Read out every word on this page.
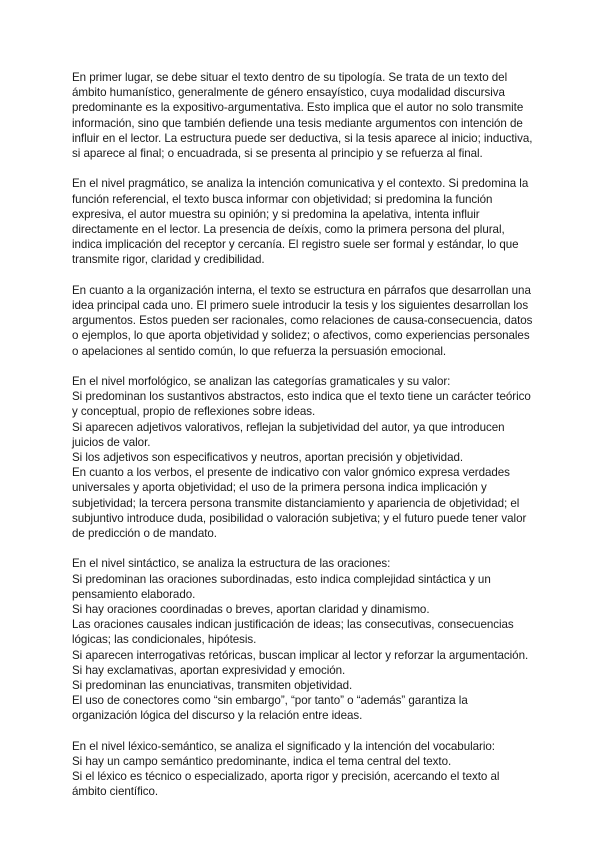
En primer lugar, se debe situar el texto dentro de su tipología. Se trata de un texto del ámbito humanístico, generalmente de género ensayístico, cuya modalidad discursiva predominante es la expositivo-argumentativa. Esto implica que el autor no solo transmite información, sino que también defiende una tesis mediante argumentos con intención de influir en el lector. La estructura puede ser deductiva, si la tesis aparece al inicio; inductiva, si aparece al final; o encuadrada, si se presenta al principio y se refuerza al final.
En el nivel pragmático, se analiza la intención comunicativa y el contexto. Si predomina la función referencial, el texto busca informar con objetividad; si predomina la función expresiva, el autor muestra su opinión; y si predomina la apelativa, intenta influir directamente en el lector. La presencia de deíxis, como la primera persona del plural, indica implicación del receptor y cercanía. El registro suele ser formal y estándar, lo que transmite rigor, claridad y credibilidad.
En cuanto a la organización interna, el texto se estructura en párrafos que desarrollan una idea principal cada uno. El primero suele introducir la tesis y los siguientes desarrollan los argumentos. Estos pueden ser racionales, como relaciones de causa-consecuencia, datos o ejemplos, lo que aporta objetividad y solidez; o afectivos, como experiencias personales o apelaciones al sentido común, lo que refuerza la persuasión emocional.
En el nivel morfológico, se analizan las categorías gramaticales y su valor:
Si predominan los sustantivos abstractos, esto indica que el texto tiene un carácter teórico y conceptual, propio de reflexiones sobre ideas.
Si aparecen adjetivos valorativos, reflejan la subjetividad del autor, ya que introducen juicios de valor.
Si los adjetivos son especificativos y neutros, aportan precisión y objetividad.
En cuanto a los verbos, el presente de indicativo con valor gnómico expresa verdades universales y aporta objetividad; el uso de la primera persona indica implicación y subjetividad; la tercera persona transmite distanciamiento y apariencia de objetividad; el subjuntivo introduce duda, posibilidad o valoración subjetiva; y el futuro puede tener valor de predicción o de mandato.
En el nivel sintáctico, se analiza la estructura de las oraciones:
Si predominan las oraciones subordinadas, esto indica complejidad sintáctica y un pensamiento elaborado.
Si hay oraciones coordinadas o breves, aportan claridad y dinamismo.
Las oraciones causales indican justificación de ideas; las consecutivas, consecuencias lógicas; las condicionales, hipótesis.
Si aparecen interrogativas retóricas, buscan implicar al lector y reforzar la argumentación.
Si hay exclamativas, aportan expresividad y emoción.
Si predominan las enunciativas, transmiten objetividad.
El uso de conectores como “sin embargo”, “por tanto” o “además” garantiza la organización lógica del discurso y la relación entre ideas.
En el nivel léxico-semántico, se analiza el significado y la intención del vocabulario:
Si hay un campo semántico predominante, indica el tema central del texto.
Si el léxico es técnico o especializado, aporta rigor y precisión, acercando el texto al ámbito científico.
